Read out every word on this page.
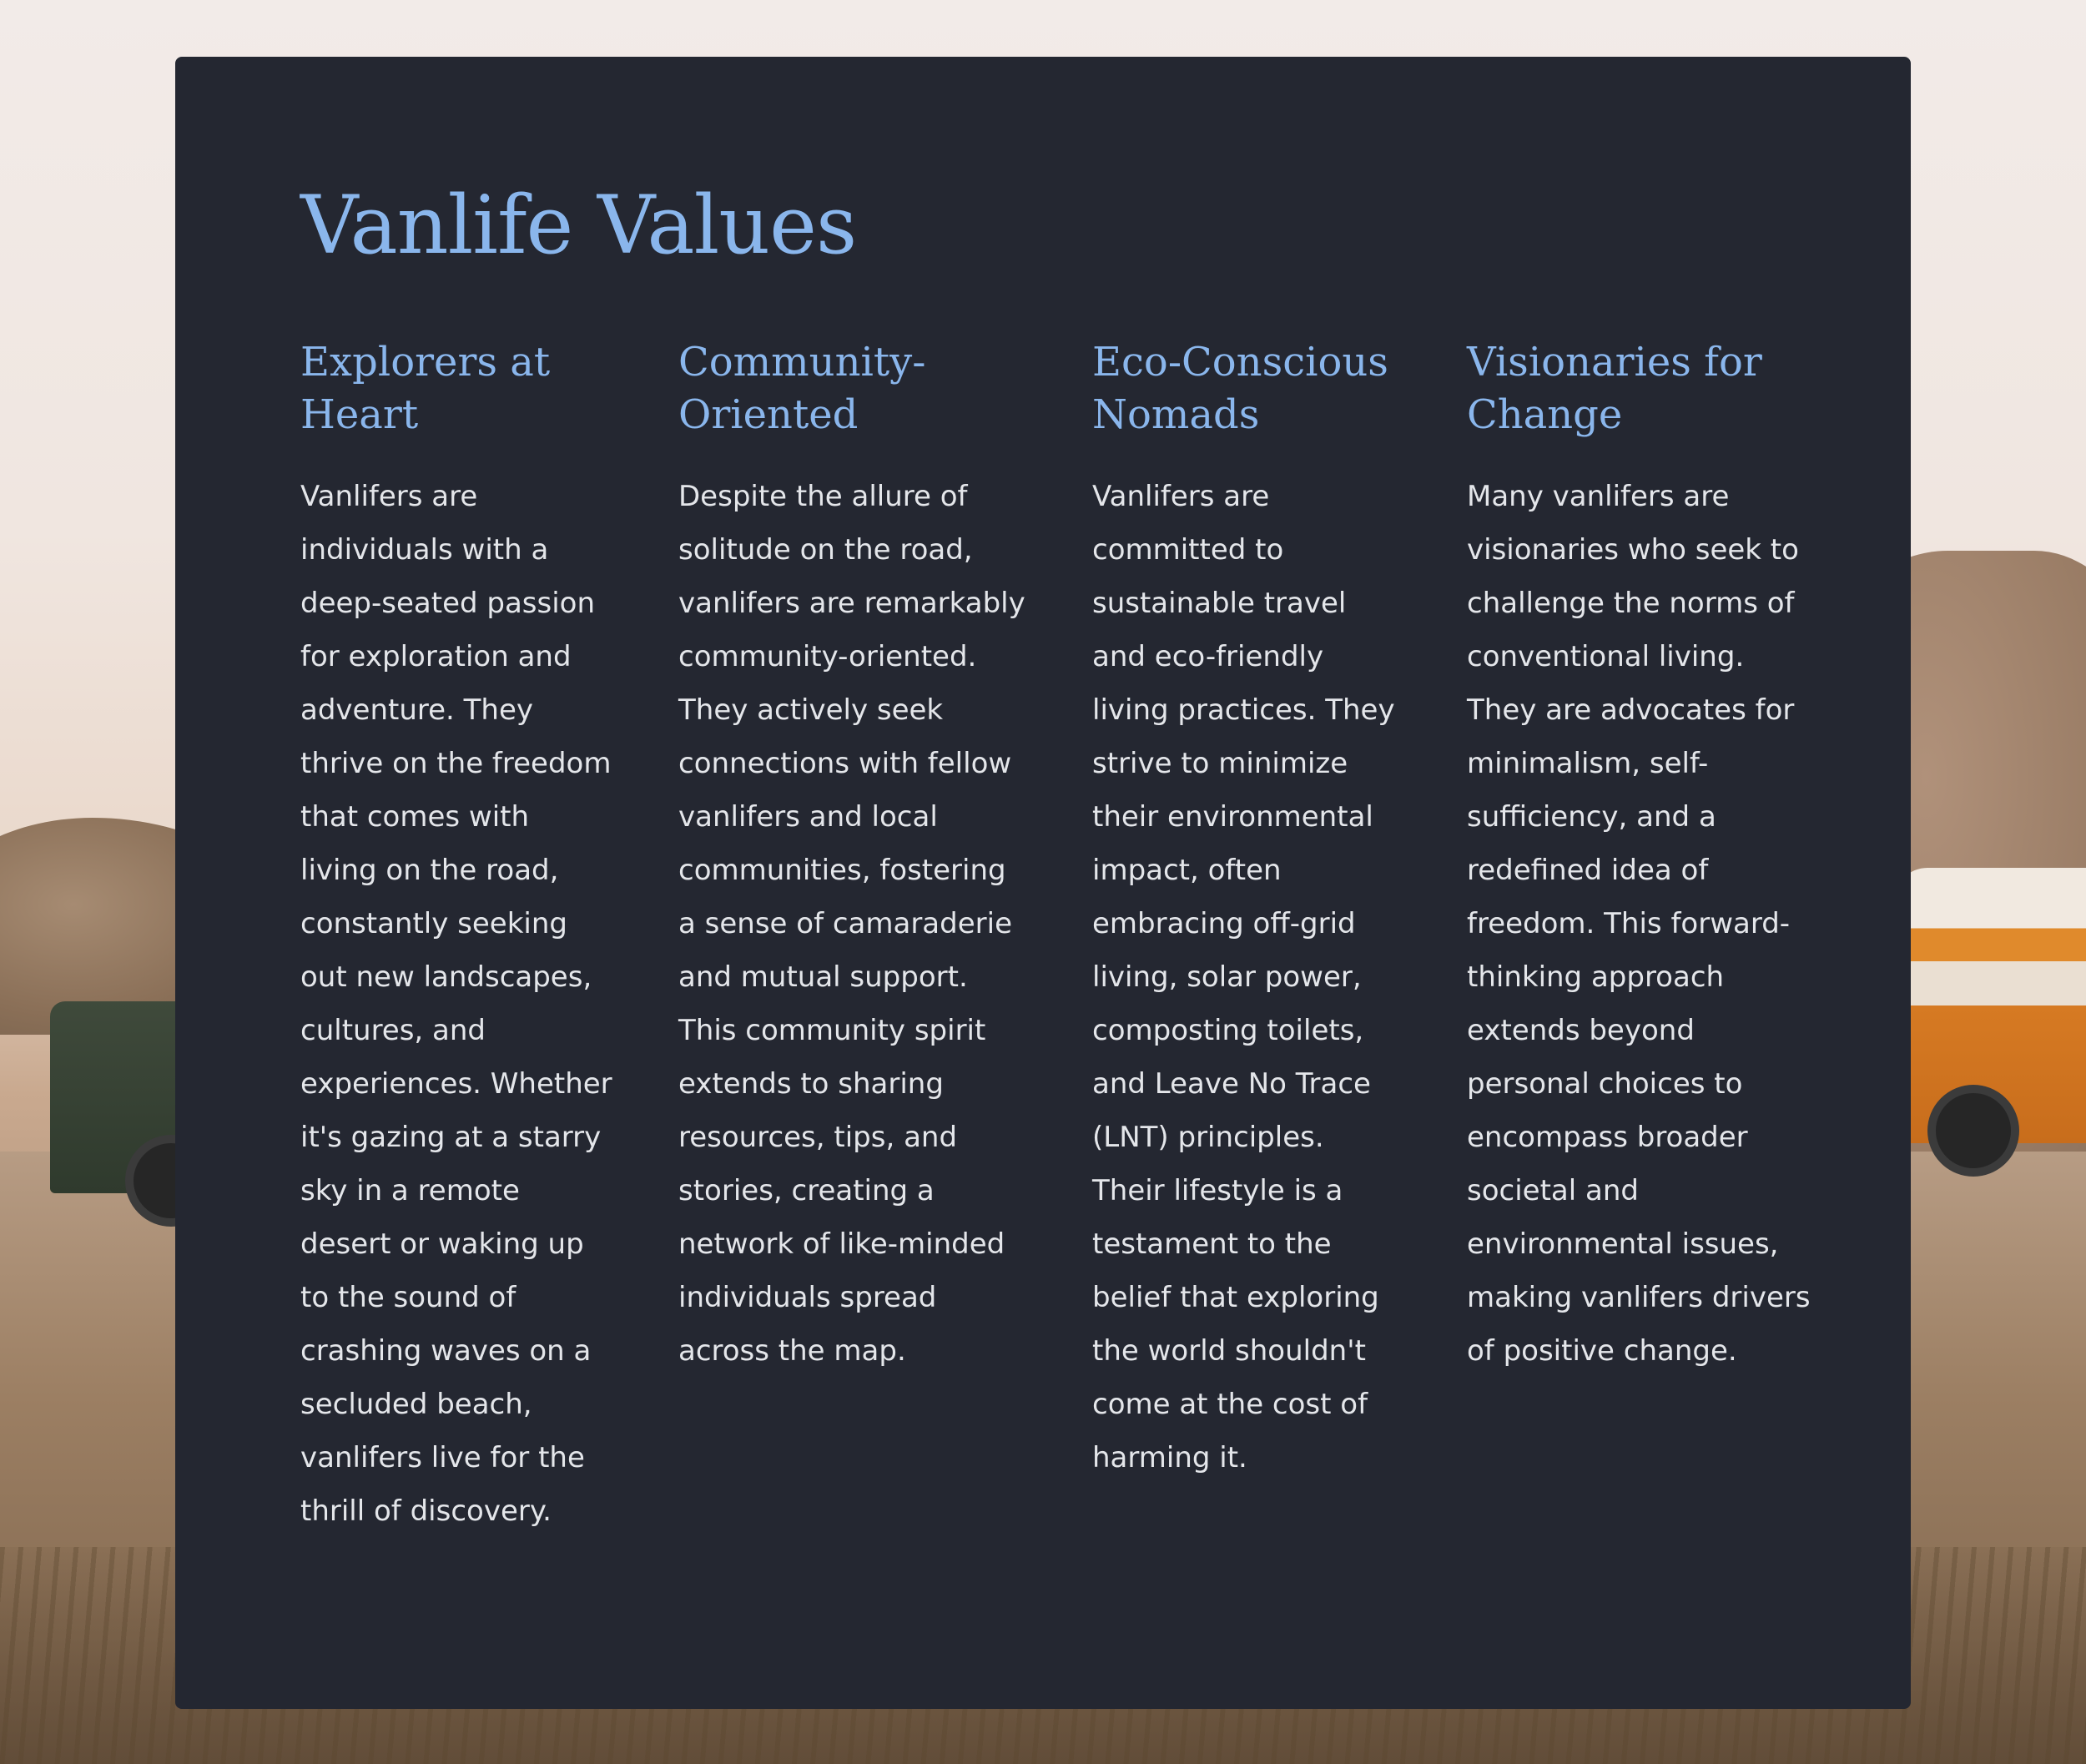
Vanlife Values
Explorers at Heart

Vanlifers are individuals with a deep-seated passion for exploration and adventure. They thrive on the freedom that comes with living on the road, constantly seeking out new landscapes, cultures, and experiences. Whether it's gazing at a starry sky in a remote desert or waking up to the sound of crashing waves on a secluded beach, vanlifers live for the thrill of discovery.

Community-Oriented

Despite the allure of solitude on the road, vanlifers are remarkably community-oriented. They actively seek connections with fellow vanlifers and local communities, fostering a sense of camaraderie and mutual support. This community spirit extends to sharing resources, tips, and stories, creating a network of like-minded individuals spread across the map.

Eco-Conscious Nomads

Vanlifers are committed to sustainable travel and eco-friendly living practices. They strive to minimize their environmental impact, often embracing off-grid living, solar power, composting toilets, and Leave No Trace (LNT) principles. Their lifestyle is a testament to the belief that exploring the world shouldn't come at the cost of harming it.

Visionaries for Change

Many vanlifers are visionaries who seek to challenge the norms of conventional living. They are advocates for minimalism, self-sufficiency, and a redefined idea of freedom. This forward-thinking approach extends beyond personal choices to encompass broader societal and environmental issues, making vanlifers drivers of positive change.
